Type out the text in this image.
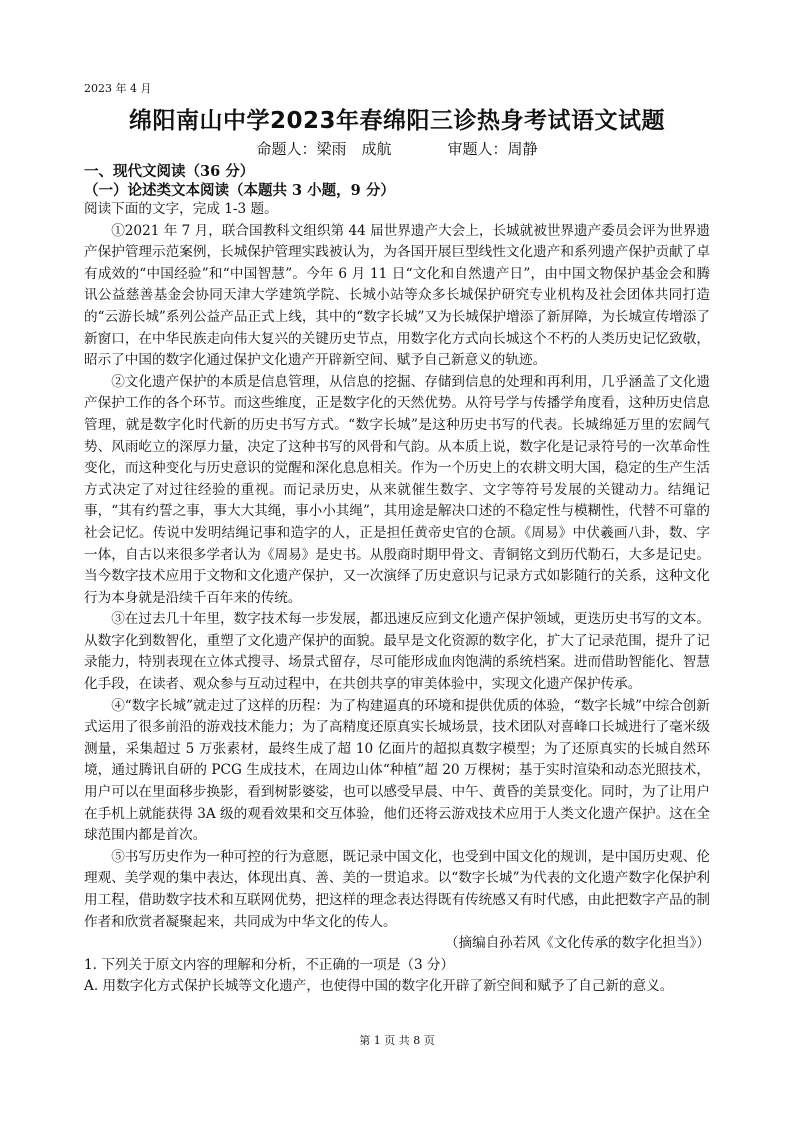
2023 年 4 月
绵阳南山中学2023年春绵阳三诊热身考试语文试题
命题人：梁雨　成航	审题人：周静
一、现代文阅读（36 分）
（一）论述类文本阅读（本题共 3 小题，9 分）

阅读下面的文字，完成 1-3 题。

①2021 年 7 月，联合国教科文组织第 44 届世界遗产大会上，长城就被世界遗产委员会评为世界遗产保护管理示范案例，长城保护管理实践被认为，为各国开展巨型线性文化遗产和系列遗产保护贡献了卓有成效的“中国经验”和“中国智慧”。今年 6 月 11 日“文化和自然遗产日”，由中国文物保护基金会和腾讯公益慈善基金会协同天津大学建筑学院、长城小站等众多长城保护研究专业机构及社会团体共同打造的“云游长城”系列公益产品正式上线，其中的“数字长城”又为长城保护增添了新屏障，为长城宣传增添了新窗口，在中华民族走向伟大复兴的关键历史节点，用数字化方式向长城这个不朽的人类历史记忆致敬，昭示了中国的数字化通过保护文化遗产开辟新空间、赋予自己新意义的轨迹。

②文化遗产保护的本质是信息管理，从信息的挖掘、存储到信息的处理和再利用，几乎涵盖了文化遗产保护工作的各个环节。而这些维度，正是数字化的天然优势。从符号学与传播学角度看，这种历史信息管理，就是数字化时代新的历史书写方式。“数字长城”是这种历史书写的代表。长城绵延万里的宏阔气势、风雨屹立的深厚力量，决定了这种书写的风骨和气韵。从本质上说，数字化是记录符号的一次革命性变化，而这种变化与历史意识的觉醒和深化息息相关。作为一个历史上的农耕文明大国，稳定的生产生活方式决定了对过往经验的重视。而记录历史，从来就催生数字、文字等符号发展的关键动力。结绳记事，“其有约誓之事，事大大其绳，事小小其绳”，其用途是解决口述的不稳定性与模糊性，代替不可靠的社会记忆。传说中发明结绳记事和造字的人，正是担任黄帝史官的仓颉。《周易》中伏羲画八卦，数、字一体，自古以来很多学者认为《周易》是史书。从殷商时期甲骨文、青铜铭文到历代勒石，大多是记史。当今数字技术应用于文物和文化遗产保护，又一次演绎了历史意识与记录方式如影随行的关系，这种文化行为本身就是沿续千百年来的传统。

③在过去几十年里，数字技术每一步发展，都迅速反应到文化遗产保护领域，更迭历史书写的文本。从数字化到数智化，重塑了文化遗产保护的面貌。最早是文化资源的数字化，扩大了记录范围，提升了记录能力，特别表现在立体式搜寻、场景式留存，尽可能形成血肉饱满的系统档案。进而借助智能化、智慧化手段，在读者、观众参与互动过程中，在共创共享的审美体验中，实现文化遗产保护传承。

④“数字长城”就走过了这样的历程：为了构建逼真的环境和提供优质的体验，“数字长城”中综合创新式运用了很多前沿的游戏技术能力；为了高精度还原真实长城场景，技术团队对喜峰口长城进行了毫米级测量，采集超过 5 万张素材，最终生成了超 10 亿面片的超拟真数字模型；为了还原真实的长城自然环境，通过腾讯自研的 PCG 生成技术，在周边山体“种植”超 20 万棵树；基于实时渲染和动态光照技术，用户可以在里面移步换影，看到树影婆娑，也可以感受早晨、中午、黄昏的美景变化。同时，为了让用户在手机上就能获得 3A 级的观看效果和交互体验，他们还将云游戏技术应用于人类文化遗产保护。这在全球范围内都是首次。

⑤书写历史作为一种可控的行为意愿，既记录中国文化，也受到中国文化的规训，是中国历史观、伦理观、美学观的集中表达，体现出真、善、美的一贯追求。以“数字长城”为代表的文化遗产数字化保护利用工程，借助数字技术和互联网优势，把这样的理念表达得既有传统感又有时代感，由此把数字产品的制作者和欣赏者凝聚起来，共同成为中华文化的传人。

（摘编自孙若风《文化传承的数字化担当》）

1. 下列关于原文内容的理解和分析，不正确的一项是（3 分）

A. 用数字化方式保护长城等文化遗产，也使得中国的数字化开辟了新空间和赋予了自己新的意义。

第 1 页 共 8 页
